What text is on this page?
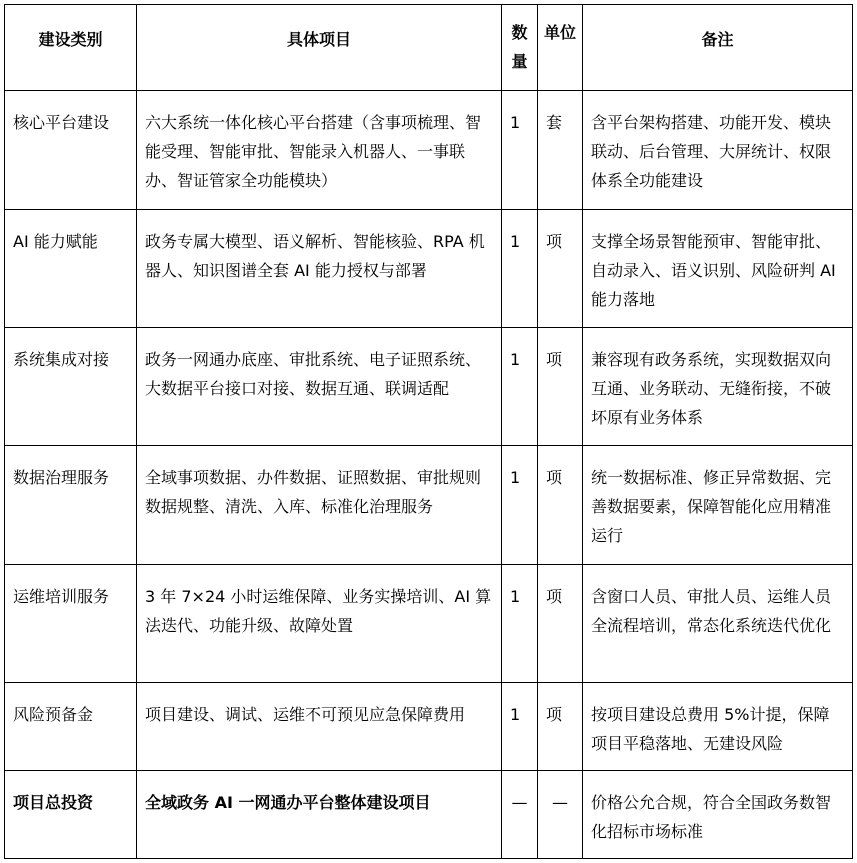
建设类别	具体项目	数量	单位	备注
核心平台建设	六大系统一体化核心平台搭建（含事项梳理、智能受理、智能审批、智能录入机器人、一事联办、智证管家全功能模块）	1	套	含平台架构搭建、功能开发、模块联动、后台管理、大屏统计、权限体系全功能建设
AI 能力赋能	政务专属大模型、语义解析、智能核验、RPA 机器人、知识图谱全套 AI 能力授权与部署	1	项	支撑全场景智能预审、智能审批、自动录入、语义识别、风险研判 AI 能力落地
系统集成对接	政务一网通办底座、审批系统、电子证照系统、大数据平台接口对接、数据互通、联调适配	1	项	兼容现有政务系统，实现数据双向互通、业务联动、无缝衔接，不破坏原有业务体系
数据治理服务	全域事项数据、办件数据、证照数据、审批规则数据规整、清洗、入库、标准化治理服务	1	项	统一数据标准、修正异常数据、完善数据要素，保障智能化应用精准运行
运维培训服务	3 年 7×24 小时运维保障、业务实操培训、AI 算法迭代、功能升级、故障处置	1	项	含窗口人员、审批人员、运维人员全流程培训，常态化系统迭代优化
风险预备金	项目建设、调试、运维不可预见应急保障费用	1	项	按项目建设总费用 5%计提，保障项目平稳落地、无建设风险
项目总投资	全域政务 AI 一网通办平台整体建设项目	—	—	价格公允合规，符合全国政务数智化招标市场标准
